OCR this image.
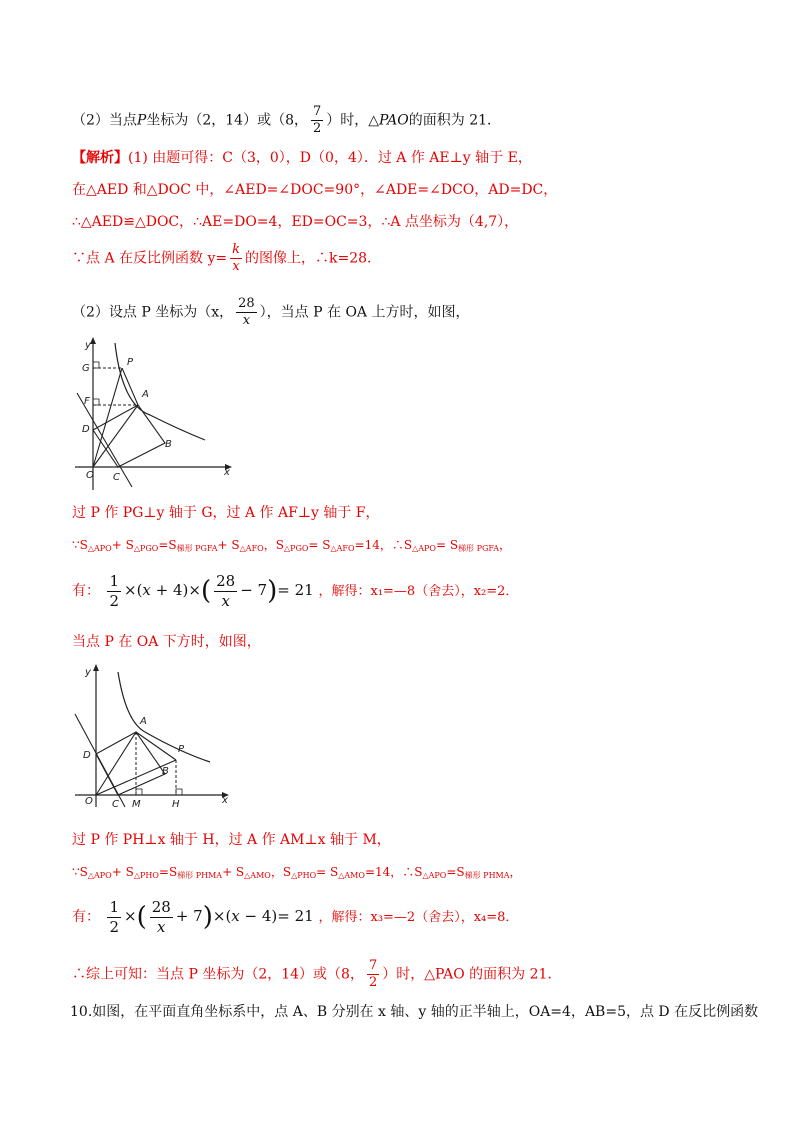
（2）当点P坐标为（2，14）或（8， $\frac{7}{2}$ ）时，△PAO的面积为 21．
【解析】(1) 由题可得：C（3，0），D（0，4）．过 A 作 AE⊥y 轴于 E，
在△AED 和△DOC 中，∠AED=∠DOC=90°，∠ADE=∠DCO，AD=DC，
∴△AED≌△DOC，∴AE=DO=4，ED=OC=3，∴A 点坐标为（4,7），
∵点 A 在反比例函数 $y= \frac{k}{x}$ 的图像上，∴k=28．
（2）设点 P 坐标为（x， $\frac{28}{x}$ ），当点 P 在 OA 上方时，如图，
y
x
O C
D
F
G
P
A
B
过 P 作 PG⊥y 轴于 G，过 A 作 AF⊥y 轴于 F，
$\because S_{\triangle APO}+ S_{\triangle PGO}=S_{梯形 PGFA}+ S_{\triangle AFO}$，$S_{\triangle PGO}= S_{\triangle AFO}=14$，$\therefore S_{\triangle APO}= S_{梯形 PGFA}$，
有： $\frac{1}{2} \times(x + 4)\times( \frac{28}{x} - 7)= 21$ ，解得：x₁=—8（舍去），x₂=2．
当点 P 在 OA 下方时，如图，
y
x
O C M	H
D
A
B
P
过 P 作 PH⊥x 轴于 H，过 A 作 AM⊥x 轴于 M，
$\because S_{\triangle APO}+ S_{\triangle PHO}=S_{梯形 PHMA}+ S_{\triangle AMO}$，$S_{\triangle PHO}= S_{\triangle AMO}=14$，$\therefore S_{\triangle APO}=S_{梯形 PHMA}$，
有： $\frac{1}{2}$ ×( $\frac{28}{x} + 7)\times(x - 4)= 21$ ，解得：x₃=—2（舍去），x₄=8．
∴综上可知：当点 P 坐标为（2，14）或（8， $\frac{7}{2}$ ）时，△PAO 的面积为 21．
10.如图，在平面直角坐标系中，点 A、B 分别在 x 轴、y 轴的正半轴上，OA=4，AB=5，点 D 在反比例函数
